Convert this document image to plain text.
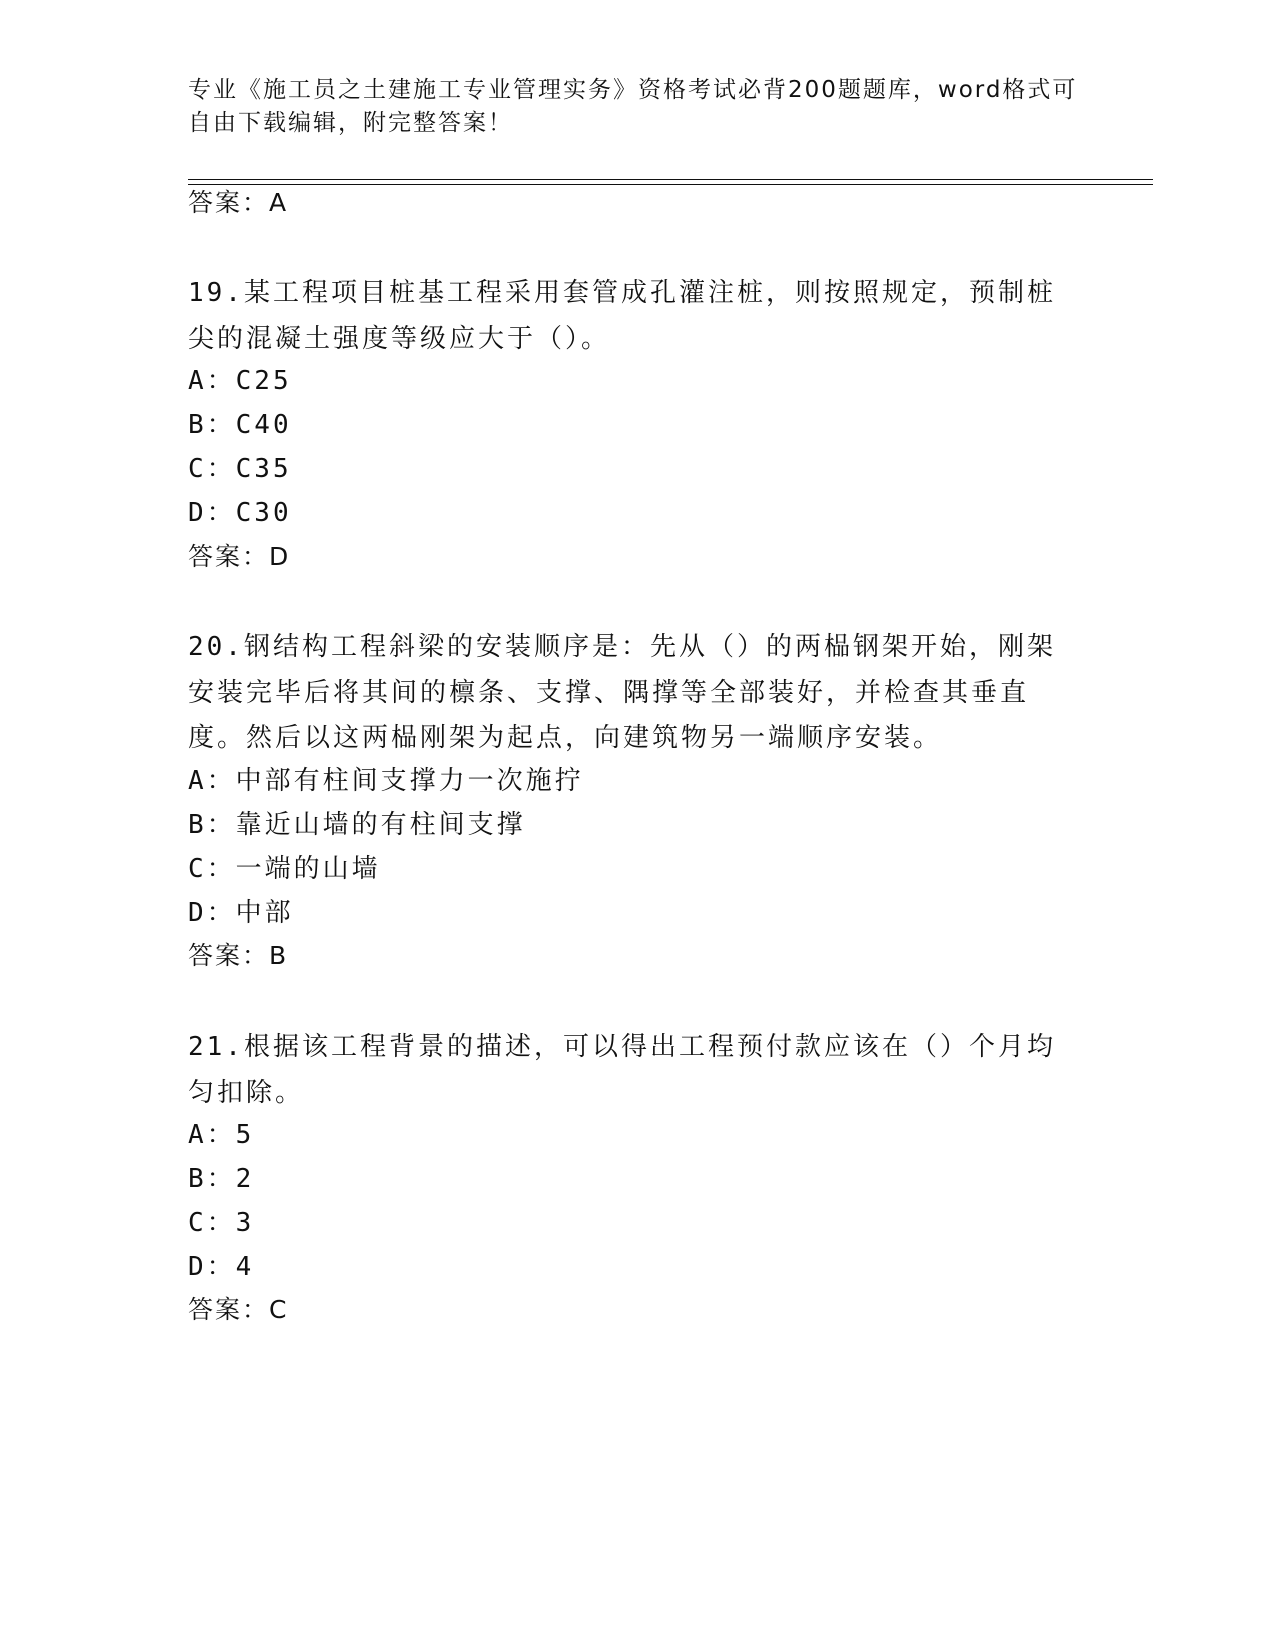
专业《施工员之土建施工专业管理实务》资格考试必背200题题库，word格式可自由下载编辑，附完整答案！
答案：A
19.某工程项目桩基工程采用套管成孔灌注桩，则按照规定，预制桩尖的混凝土强度等级应大于（）。
A：C25
B：C40
C：C35
D：C30
答案：D
20.钢结构工程斜梁的安装顺序是：先从（）的两榀钢架开始，刚架安装完毕后将其间的檩条、支撑、隅撑等全部装好，并检查其垂直度。然后以这两榀刚架为起点，向建筑物另一端顺序安装。
A：中部有柱间支撑力一次施拧
B：靠近山墙的有柱间支撑
C：一端的山墙
D：中部
答案：B
21.根据该工程背景的描述，可以得出工程预付款应该在（）个月均匀扣除。
A：5
B：2
C：3
D：4
答案：C
